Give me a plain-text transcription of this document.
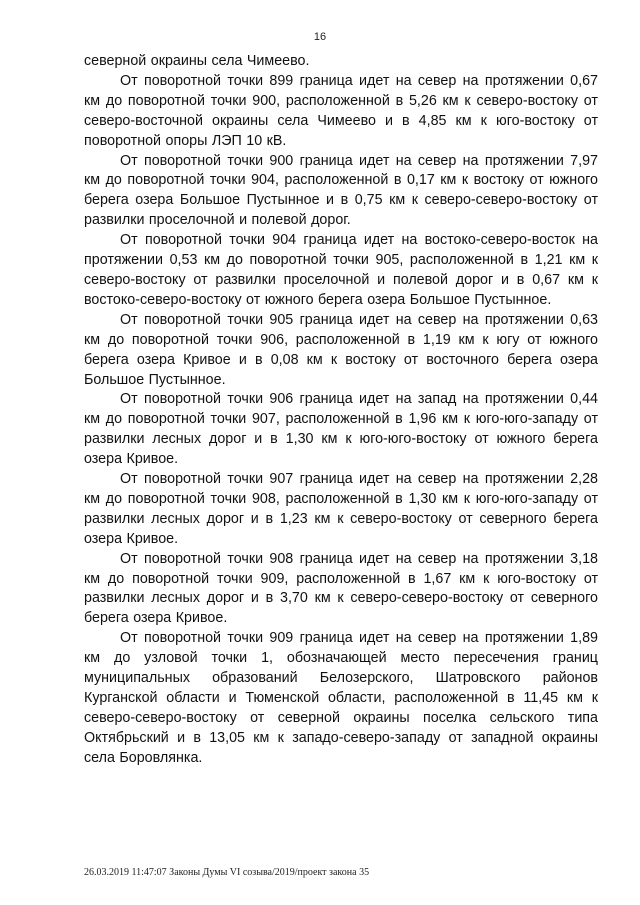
16

северной окраины села Чимеево.

От поворотной точки 899 граница идет на север на протяжении 0,67 км до поворотной точки 900, расположенной в 5,26 км к северо-востоку от северо-восточной окраины села Чимеево и в 4,85 км к юго-востоку от поворотной опоры ЛЭП 10 кВ.

От поворотной точки 900 граница идет на север на протяжении 7,97 км до поворотной точки 904, расположенной в 0,17 км к востоку от южного берега озера Большое Пустынное и в 0,75 км к северо-северо-востоку от развилки проселочной и полевой дорог.

От поворотной точки 904 граница идет на востоко-северо-восток на протяжении 0,53 км до поворотной точки 905, расположенной в 1,21 км к северо-востоку от развилки проселочной и полевой дорог и в 0,67 км к востоко-северо-востоку от южного берега озера Большое Пустынное.

От поворотной точки 905 граница идет на север на протяжении 0,63 км до поворотной точки 906, расположенной в 1,19 км к югу от южного берега озера Кривое и в 0,08 км к востоку от восточного берега озера Большое Пустынное.

От поворотной точки 906 граница идет на запад на протяжении 0,44 км до поворотной точки 907, расположенной в 1,96 км к юго-юго-западу от развилки лесных дорог и в 1,30 км к юго-юго-востоку от южного берега озера Кривое.

От поворотной точки 907 граница идет на север на протяжении 2,28 км до поворотной точки 908, расположенной в 1,30 км к юго-юго-западу от развилки лесных дорог и в 1,23 км к северо-востоку от северного берега озера Кривое.

От поворотной точки 908 граница идет на север на протяжении 3,18 км до поворотной точки 909, расположенной в 1,67 км к юго-востоку от развилки лесных дорог и в 3,70 км к северо-северо-востоку от северного берега озера Кривое.

От поворотной точки 909 граница идет на север на протяжении 1,89 км до узловой точки 1, обозначающей место пересечения границ муниципальных образований Белозерского, Шатровского районов Курганской области и Тюменской области, расположенной в 11,45 км к северо-северо-востоку от северной окраины поселка сельского типа Октябрьский и в 13,05 км к западо-северо-западу от западной окраины села Боровлянка.

26.03.2019 11:47:07 Законы Думы VI созыва/2019/проект закона 35
